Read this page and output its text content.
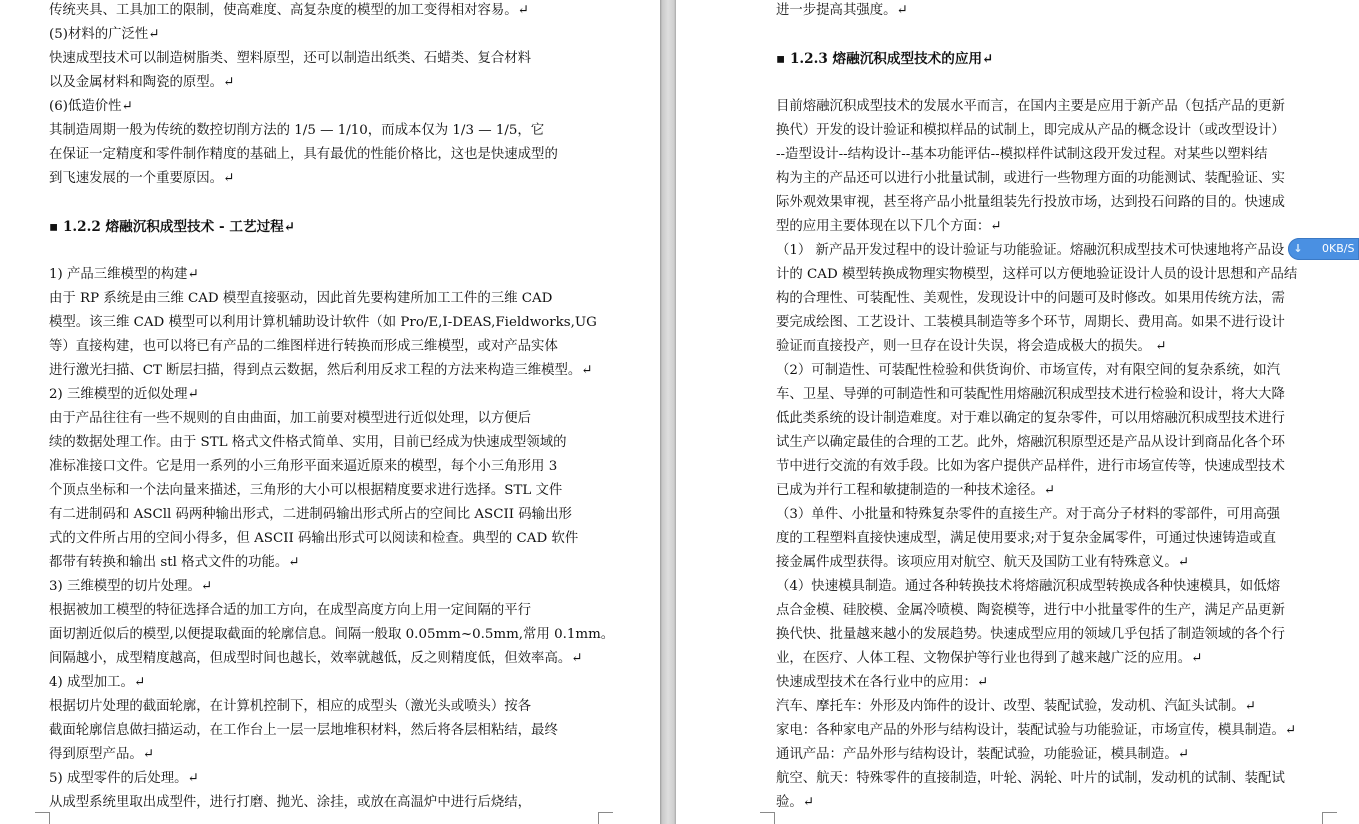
传统夹具、工具加工的限制，使高难度、高复杂度的模型的加工变得相对容易。↵
(5)材料的广泛性↵
快速成型技术可以制造树脂类、塑料原型，还可以制造出纸类、石蜡类、复合材料
以及金属材料和陶瓷的原型。↵
(6)低造价性↵
其制造周期一般为传统的数控切削方法的 1/5 — 1/10，而成本仅为 1/3 — 1/5，它
在保证一定精度和零件制作精度的基础上，具有最优的性能价格比，这也是快速成型的
到飞速发展的一个重要原因。↵
▪ 1.2.2 熔融沉积成型技术 - 工艺过程↵
1) 产品三维模型的构建↵
由于 RP 系统是由三维 CAD 模型直接驱动，因此首先要构建所加工工件的三维 CAD
模型。该三维 CAD 模型可以利用计算机辅助设计软件（如 Pro/E,I-DEAS,Fieldworks,UG
等）直接构建，也可以将已有产品的二维图样进行转换而形成三维模型，或对产品实体
进行激光扫描、CT 断层扫描，得到点云数据，然后利用反求工程的方法来构造三维模型。↵
2) 三维模型的近似处理↵
由于产品往往有一些不规则的自由曲面，加工前要对模型进行近似处理，以方便后
续的数据处理工作。由于 STL 格式文件格式简单、实用，目前已经成为快速成型领域的
准标准接口文件。它是用一系列的小三角形平面来逼近原来的模型，每个小三角形用 3
个顶点坐标和一个法向量来描述，三角形的大小可以根据精度要求进行选择。STL 文件
有二进制码和 ASCll 码两种输出形式，二进制码输出形式所占的空间比 ASCII 码输出形
式的文件所占用的空间小得多，但 ASCII 码输出形式可以阅读和检查。典型的 CAD 软件
都带有转换和输出 stl 格式文件的功能。↵
3) 三维模型的切片处理。↵
根据被加工模型的特征选择合适的加工方向，在成型高度方向上用一定间隔的平行
面切割近似后的模型,以便提取截面的轮廓信息。间隔一般取 0.05mm~0.5mm,常用 0.1mm。
间隔越小，成型精度越高，但成型时间也越长，效率就越低，反之则精度低，但效率高。↵
4) 成型加工。↵
根据切片处理的截面轮廓，在计算机控制下，相应的成型头（激光头或喷头）按各
截面轮廓信息做扫描运动，在工作台上一层一层地堆积材料，然后将各层相粘结，最终
得到原型产品。↵
5) 成型零件的后处理。↵
从成型系统里取出成型件，进行打磨、抛光、涂挂，或放在高温炉中进行后烧结，
进一步提高其强度。↵
▪ 1.2.3 熔融沉积成型技术的应用↵
目前熔融沉积成型技术的发展水平而言，在国内主要是应用于新产品（包括产品的更新
换代）开发的设计验证和模拟样品的试制上，即完成从产品的概念设计（或改型设计）
--造型设计--结构设计--基本功能评估--模拟样件试制这段开发过程。对某些以塑料结
构为主的产品还可以进行小批量试制，或进行一些物理方面的功能测试、装配验证、实
际外观效果审视，甚至将产品小批量组装先行投放市场，达到投石问路的目的。快速成
型的应用主要体现在以下几个方面：↵
（1） 新产品开发过程中的设计验证与功能验证。熔融沉积成型技术可快速地将产品设
计的 CAD 模型转换成物理实物模型，这样可以方便地验证设计人员的设计思想和产品结
构的合理性、可装配性、美观性，发现设计中的问题可及时修改。如果用传统方法，需
要完成绘图、工艺设计、工装模具制造等多个环节，周期长、费用高。如果不进行设计
验证而直接投产，则一旦存在设计失误，将会造成极大的损失。 ↵
（2）可制造性、可装配性检验和供货询价、市场宣传，对有限空间的复杂系统，如汽
车、卫星、导弹的可制造性和可装配性用熔融沉积成型技术进行检验和设计，将大大降
低此类系统的设计制造难度。对于难以确定的复杂零件，可以用熔融沉积成型技术进行
试生产以确定最佳的合理的工艺。此外，熔融沉积原型还是产品从设计到商品化各个环
节中进行交流的有效手段。比如为客户提供产品样件，进行市场宣传等，快速成型技术
已成为并行工程和敏捷制造的一种技术途径。↵
（3）单件、小批量和特殊复杂零件的直接生产。对于高分子材料的零部件，可用高强
度的工程塑料直接快速成型，满足使用要求;对于复杂金属零件，可通过快速铸造或直
接金属件成型获得。该项应用对航空、航天及国防工业有特殊意义。↵
（4）快速模具制造。通过各种转换技术将熔融沉积成型转换成各种快速模具，如低熔
点合金模、硅胶模、金属冷喷模、陶瓷模等，进行中小批量零件的生产，满足产品更新
换代快、批量越来越小的发展趋势。快速成型应用的领域几乎包括了制造领域的各个行
业，在医疗、人体工程、文物保护等行业也得到了越来越广泛的应用。↵
快速成型技术在各行业中的应用：↵
汽车、摩托车：外形及内饰件的设计、改型、装配试验，发动机、汽缸头试制。↵
家电：各种家电产品的外形与结构设计，装配试验与功能验证，市场宣传，模具制造。↵
通讯产品：产品外形与结构设计，装配试验，功能验证，模具制造。↵
航空、航天：特殊零件的直接制造，叶轮、涡轮、叶片的试制，发动机的试制、装配试
验。↵
↓	0KB/S
